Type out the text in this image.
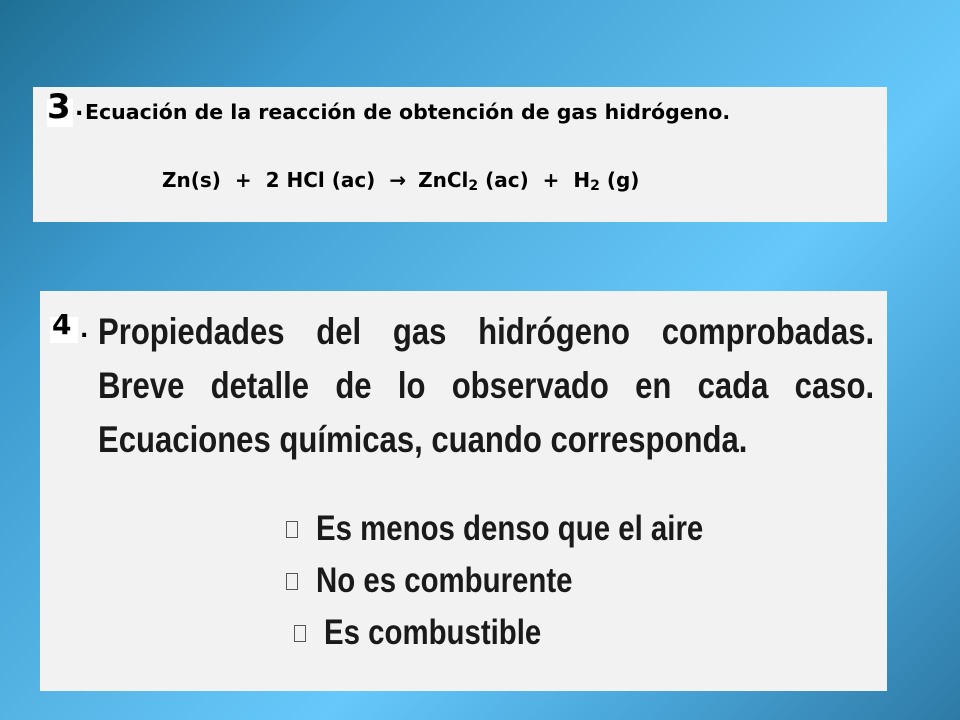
3 . Ecuación de la reacción de obtención de gas hidrógeno.
Zn(s) + 2 HCl (ac) → ZnCl$_2$ $(ac) + H_2$ (g)
4 . Propiedades del gas hidrógeno comprobadas. Breve detalle de lo observado en cada caso. Ecuaciones químicas, cuando corresponda.
Es menos denso que el aire
No es comburente
Es combustible
